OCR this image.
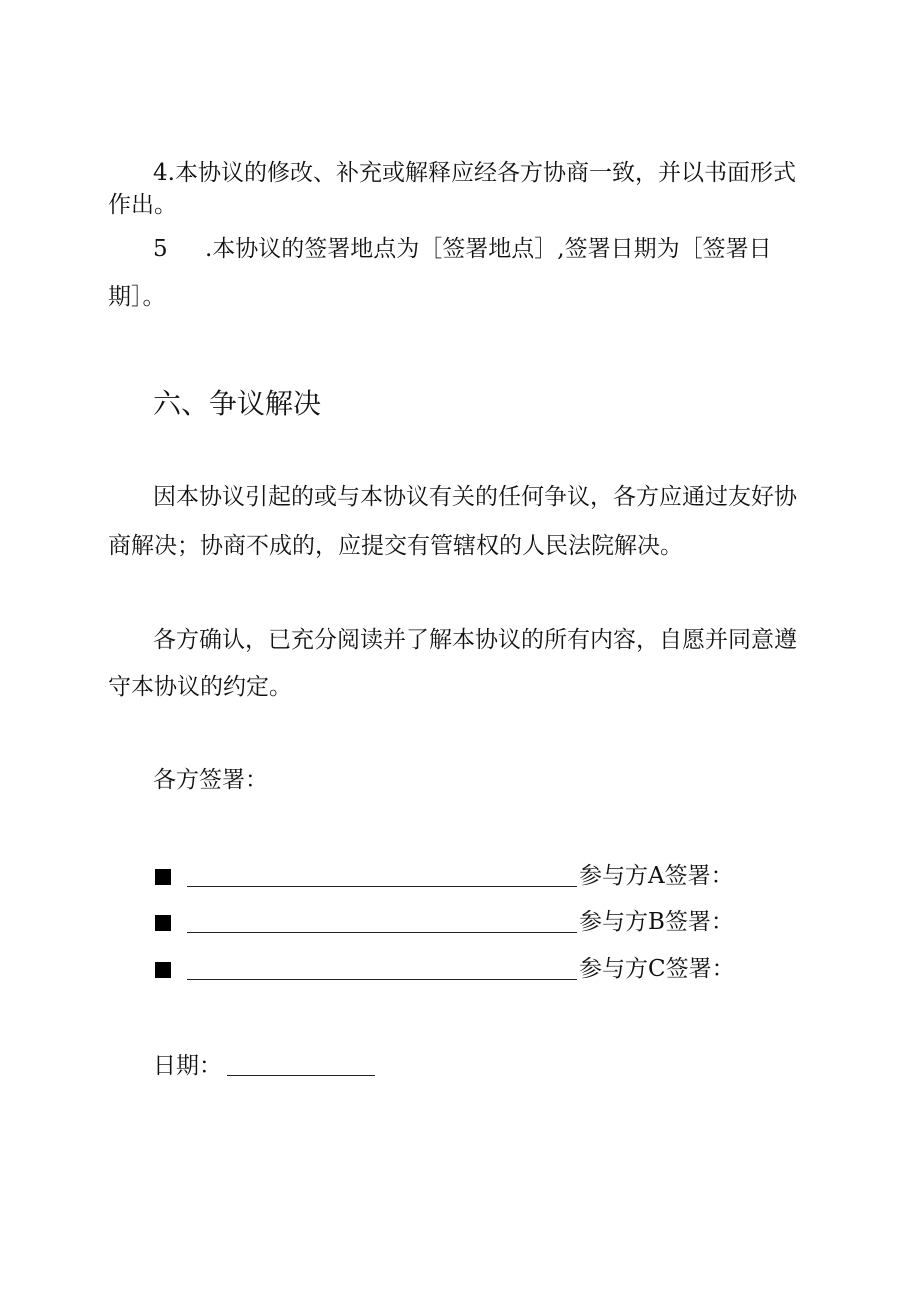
4.本协议的修改、补充或解释应经各方协商一致，并以书面形式

作出。

5 .本协议的签署地点为［签署地点］,签署日期为［签署日

期］。

六、争议解决

因本协议引起的或与本协议有关的任何争议，各方应通过友好协

商解决；协商不成的，应提交有管辖权的人民法院解决。

各方确认，已充分阅读并了解本协议的所有内容，自愿并同意遵

守本协议的约定。

各方签署：

参与方A签署：
参与方B签署：
参与方C签署：
日期：
